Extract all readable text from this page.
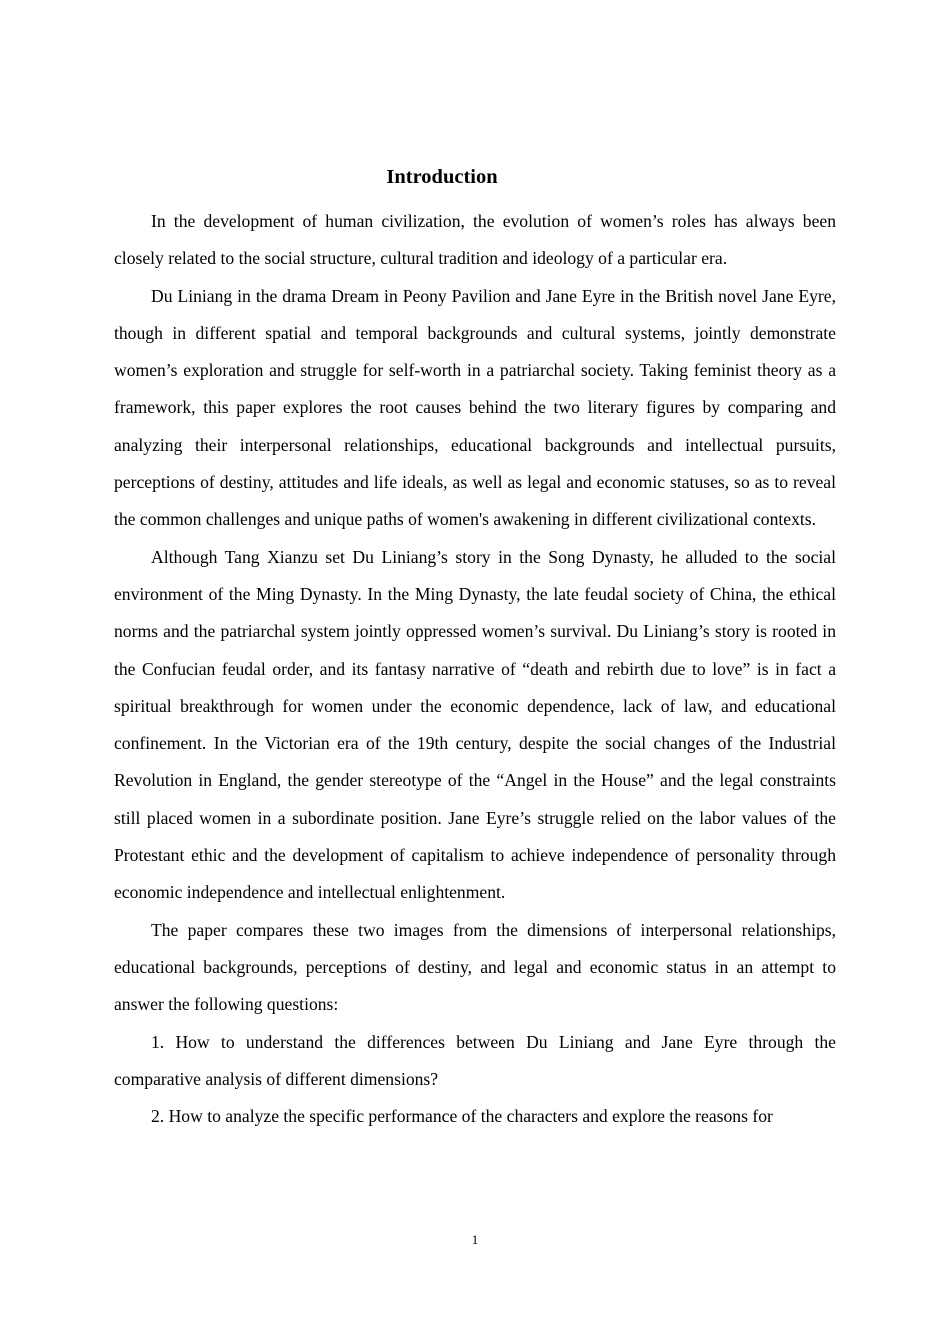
Introduction

In the development of human civilization, the evolution of women’s roles has always been closely related to the social structure, cultural tradition and ideology of a particular era.

Du Liniang in the drama Dream in Peony Pavilion and Jane Eyre in the British novel Jane Eyre, though in different spatial and temporal backgrounds and cultural systems, jointly demonstrate women’s exploration and struggle for self-worth in a patriarchal society. Taking feminist theory as a framework, this paper explores the root causes behind the two literary figures by comparing and analyzing their interpersonal relationships, educational backgrounds and intellectual pursuits, perceptions of destiny, attitudes and life ideals, as well as legal and economic statuses, so as to reveal the common challenges and unique paths of women's awakening in different civilizational contexts.

Although Tang Xianzu set Du Liniang’s story in the Song Dynasty, he alluded to the social environment of the Ming Dynasty. In the Ming Dynasty, the late feudal society of China, the ethical norms and the patriarchal system jointly oppressed women’s survival. Du Liniang’s story is rooted in the Confucian feudal order, and its fantasy narrative of “death and rebirth due to love” is in fact a spiritual breakthrough for women under the economic dependence, lack of law, and educational confinement. In the Victorian era of the 19th century, despite the social changes of the Industrial Revolution in England, the gender stereotype of the “Angel in the House” and the legal constraints still placed women in a subordinate position. Jane Eyre’s struggle relied on the labor values of the Protestant ethic and the development of capitalism to achieve independence of personality through economic independence and intellectual enlightenment.

The paper compares these two images from the dimensions of interpersonal relationships, educational backgrounds, perceptions of destiny, and legal and economic status in an attempt to answer the following questions:

1. How to understand the differences between Du Liniang and Jane Eyre through the comparative analysis of different dimensions?

2. How to analyze the specific performance of the characters and explore the reasons for

1
